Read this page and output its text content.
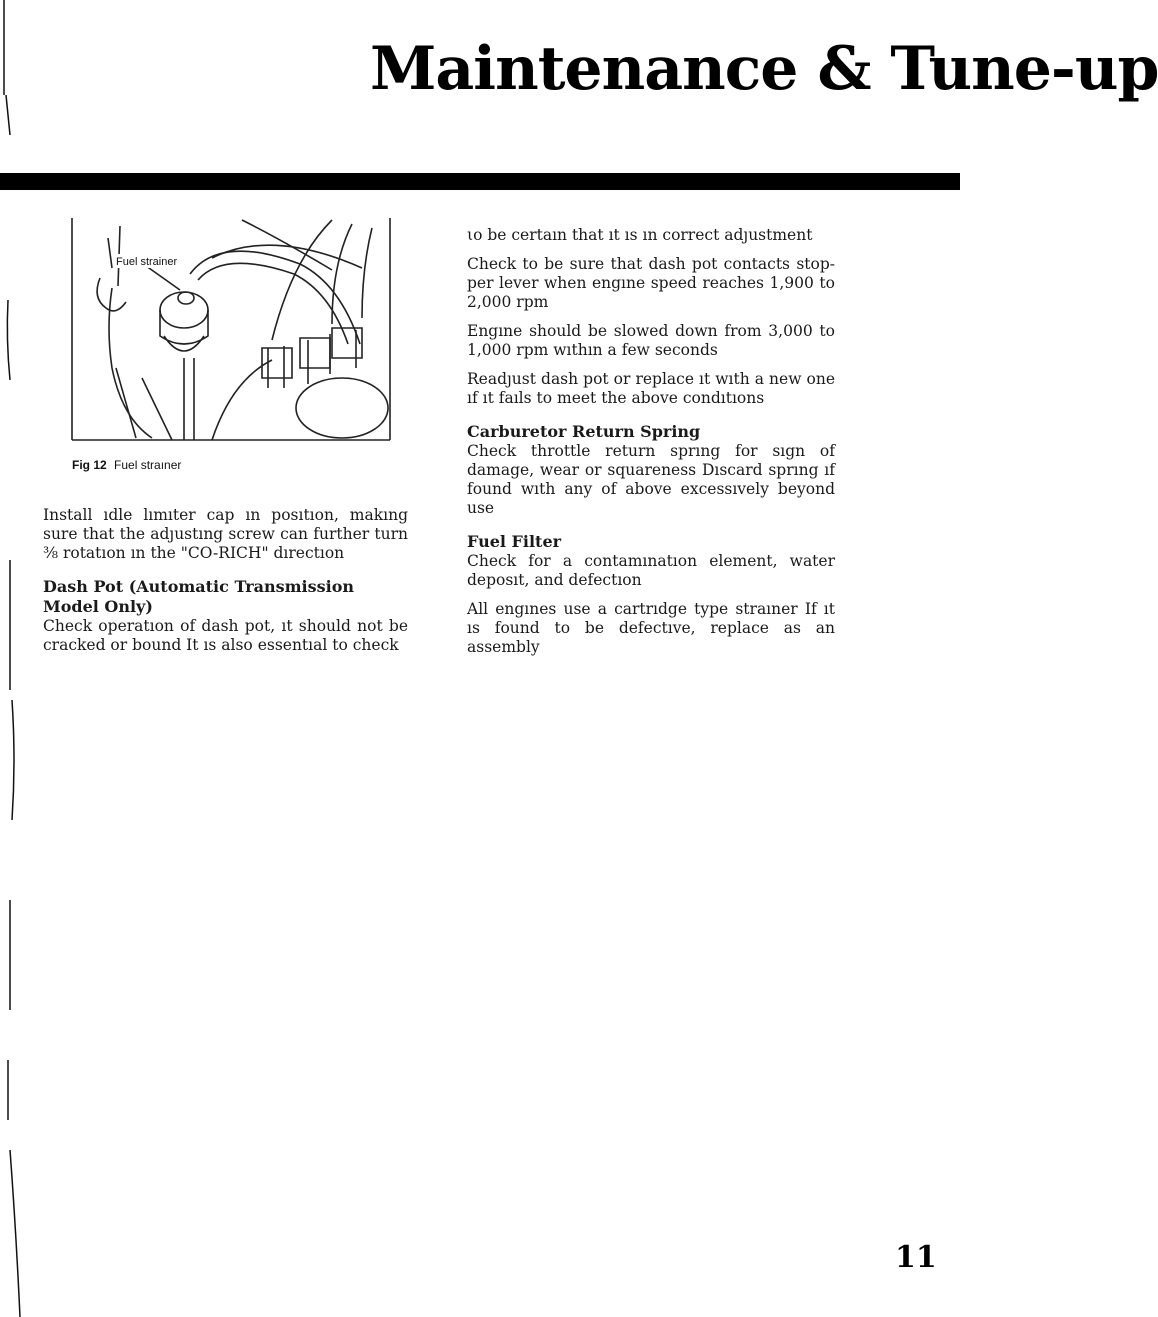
Maintenance & Tune-up
Fuel strainer
Fig 12 Fuel straıner

Install ıdle lımıter cap ın posıtıon, makıng sure that the adȷustıng screw can further turn ⅜ rotatıon ın the "CO-RICH" dırectıon

Dash Pot (Automatic Transmission Model Only)

Check operatıon of dash pot, ıt should not be cracked or bound It ıs also essentıal to check

ιo be certaın that ıt ıs ın correct adȷustment

Check to be sure that dash pot contacts stop-per lever when engıne speed reaches 1,900 to 2,000 rpm

Engıne should be slowed down from 3,000 to 1,000 rpm wıthın a few seconds

Readȷust dash pot or replace ıt wıth a new one ıf ıt faıls to meet the above condıtıons

Carburetor Return Spring

Check throttle return sprıng for sıgn of damage, wear or squareness Dıscard sprıng ıf found wıth any of above excessıvely beyond use

Fuel Filter

Check for a contamınatıon element, water deposıt, and defectıon

All engınes use a cartrıdge type straıner If ıt ıs found to be defectıve, replace as an assembly

11
